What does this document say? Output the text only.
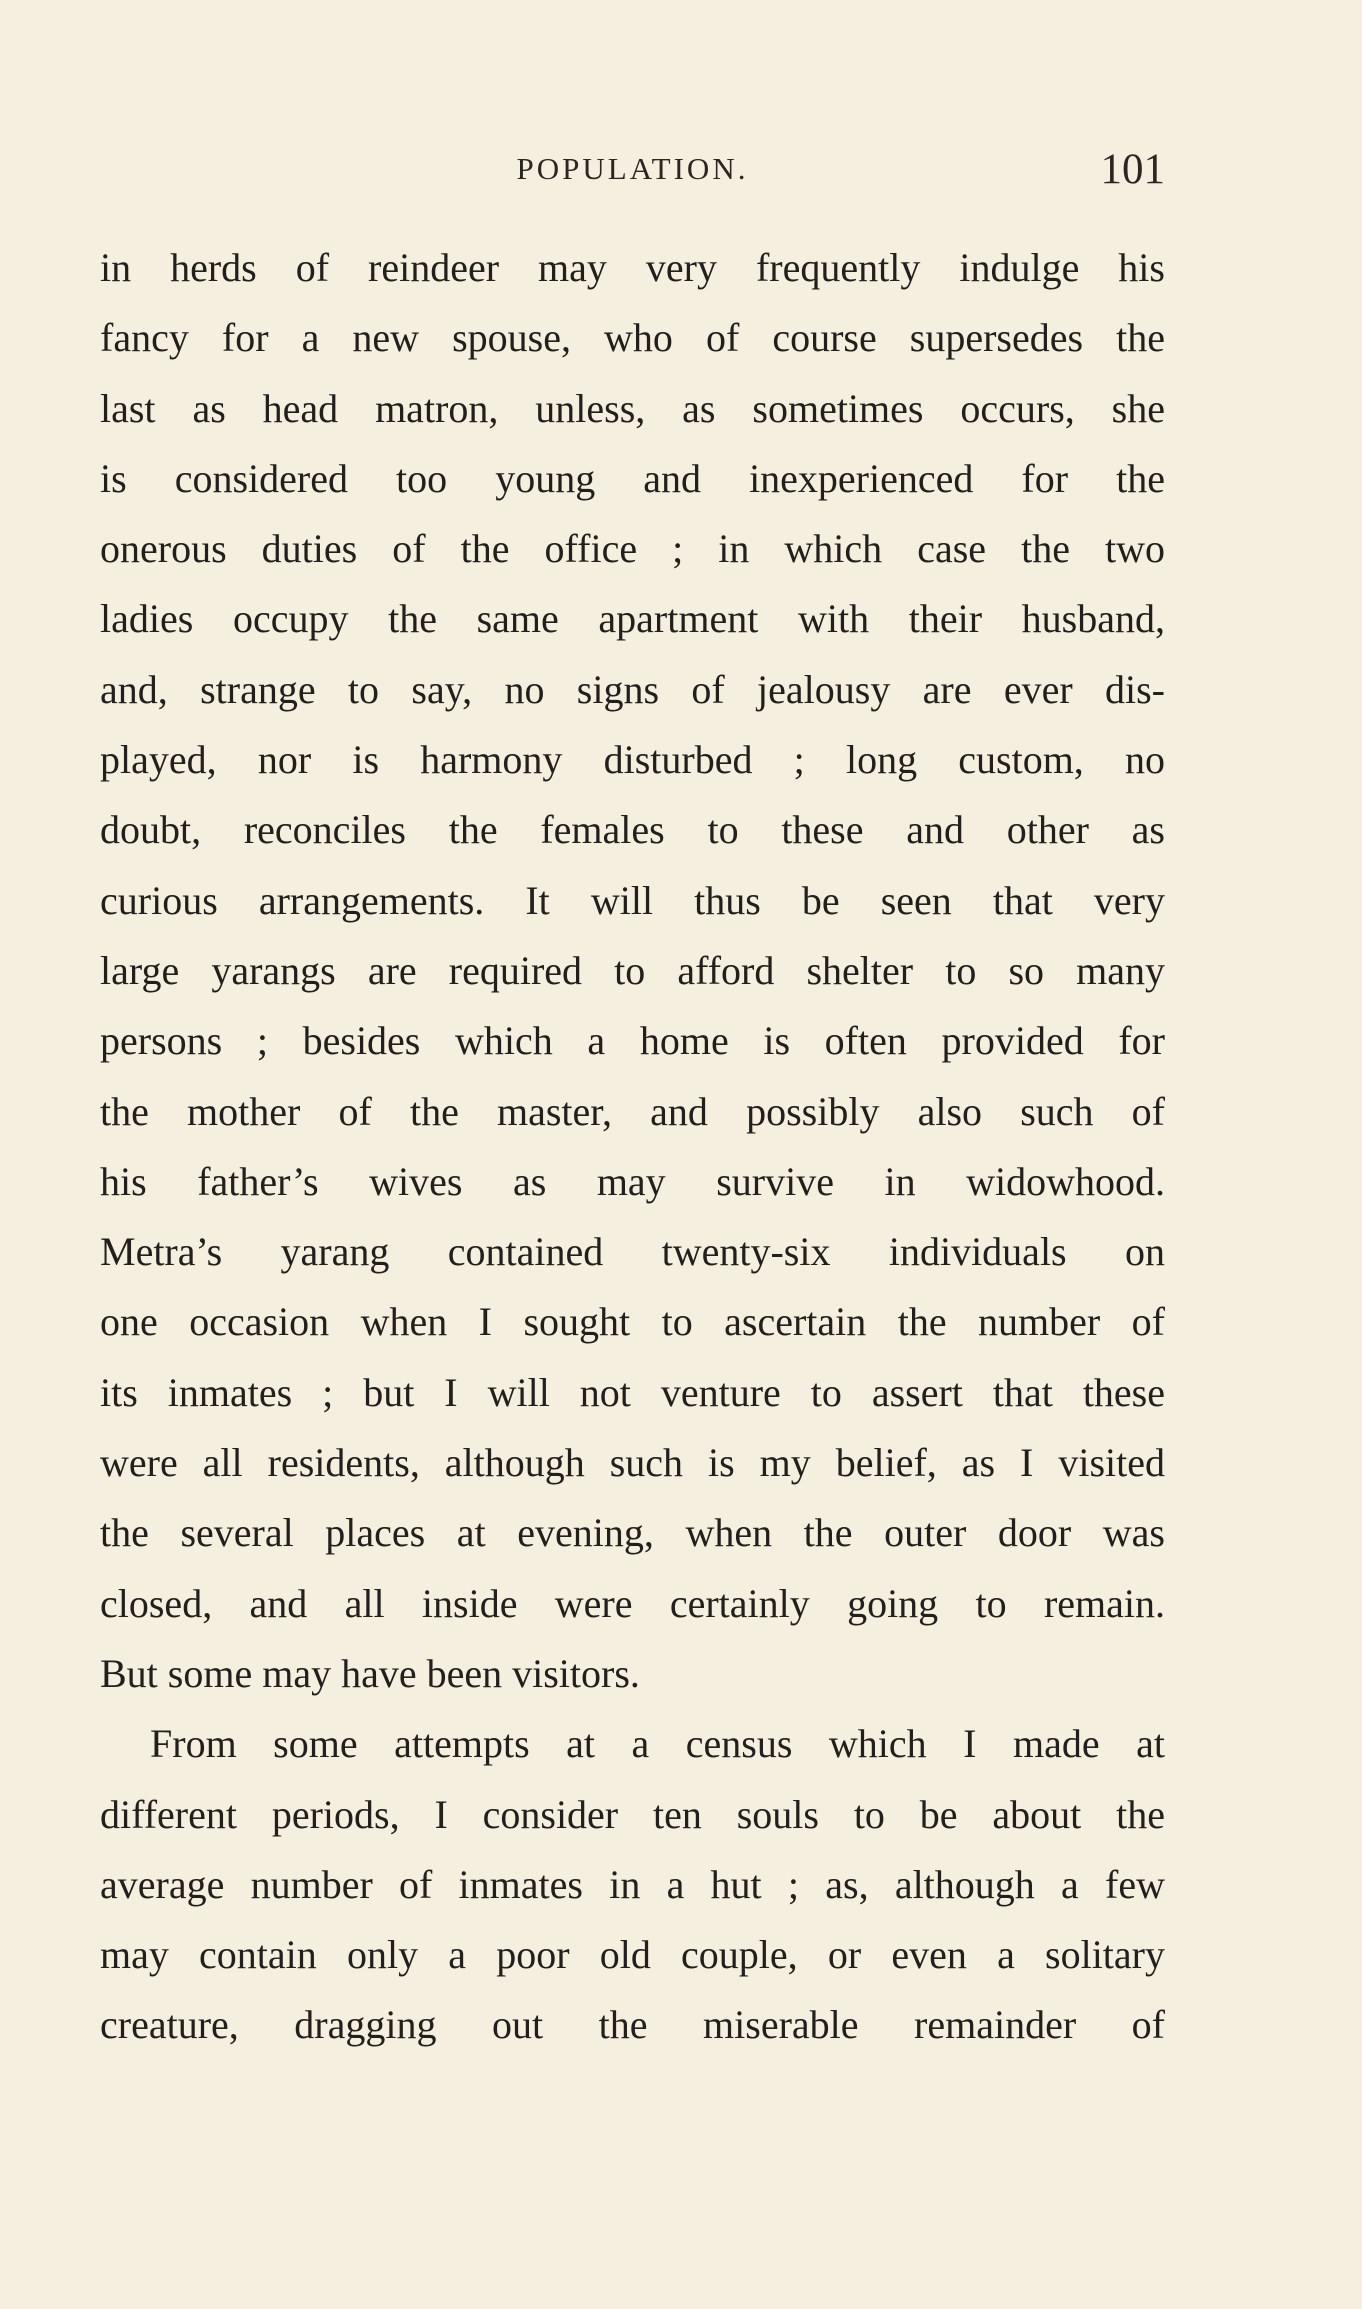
POPULATION.	101
in herds of reindeer may very frequently indulge his
fancy for a new spouse, who of course supersedes the
last as head matron, unless, as sometimes occurs, she
is considered too young and inexperienced for the
onerous duties of the office ; in which case the two
ladies occupy the same apartment with their husband,
and, strange to say, no signs of jealousy are ever dis-
played, nor is harmony disturbed ; long custom, no
doubt, reconciles the females to these and other as
curious arrangements. It will thus be seen that very
large yarangs are required to afford shelter to so many
persons ; besides which a home is often provided for
the mother of the master, and possibly also such of
his father’s wives as may survive in widowhood.
Metra’s yarang contained twenty-six individuals on
one occasion when I sought to ascertain the number of
its inmates ; but I will not venture to assert that these
were all residents, although such is my belief, as I visited
the several places at evening, when the outer door was
closed, and all inside were certainly going to remain.
But some may have been visitors.
From some attempts at a census which I made at
different periods, I consider ten souls to be about the
average number of inmates in a hut ; as, although a few
may contain only a poor old couple, or even a solitary
creature, dragging out the miserable remainder of
